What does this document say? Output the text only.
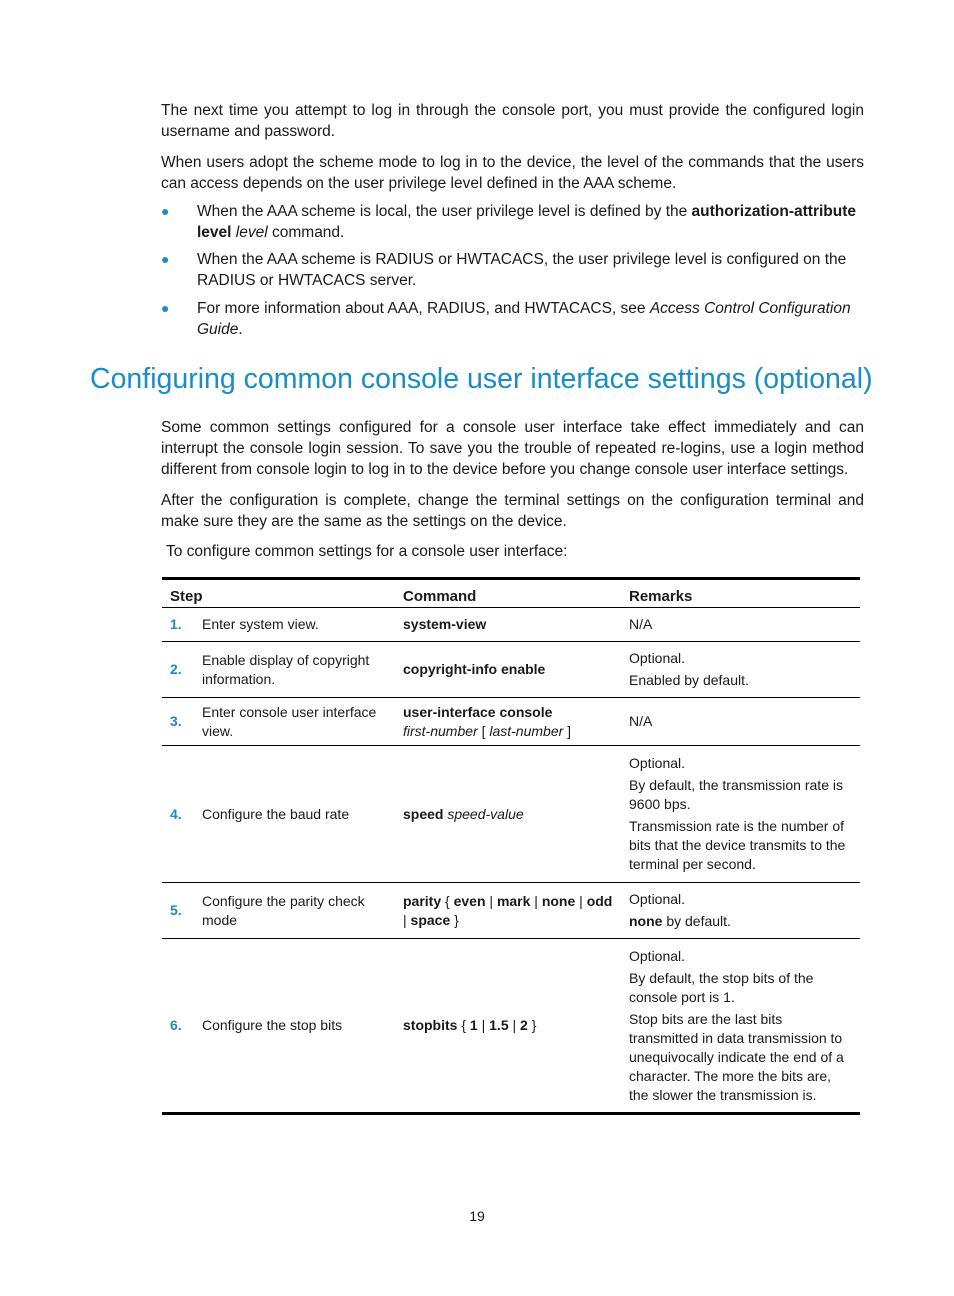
The next time you attempt to log in through the console port, you must provide the configured login username and password.

When users adopt the scheme mode to log in to the device, the level of the commands that the users can access depends on the user privilege level defined in the AAA scheme.

● When the AAA scheme is local, the user privilege level is defined by the authorization-attribute level level command.
● When the AAA scheme is RADIUS or HWTACACS, the user privilege level is configured on the RADIUS or HWTACACS server.
● For more information about AAA, RADIUS, and HWTACACS, see Access Control Configuration Guide.
Configuring common console user interface settings (optional)

Some common settings configured for a console user interface take effect immediately and can interrupt the console login session. To save you the trouble of repeated re-logins, use a login method different from console login to log in to the device before you change console user interface settings.

After the configuration is complete, change the terminal settings on the configuration terminal and make sure they are the same as the settings on the device.

To configure common settings for a console user interface:

Step		Command	Remarks
1.	Enter system view.	system-view	N/A

2.	Enable display of copyright information.	copyright-info enable	Optional.

Enabled by default.

3.	Enter console user interface view.	user-interface console
first-number [ last-number ]	N/A

4.	Configure the baud rate	speed speed-value	Optional.

By default, the transmission rate is 9600 bps.

Transmission rate is the number of bits that the device transmits to the terminal per second.

5.	Configure the parity check mode	parity { even | mark | none | odd | space }	Optional.

none by default.

6.	Configure the stop bits	stopbits { 1 | 1.5 | 2 }	Optional.

By default, the stop bits of the console port is 1.

Stop bits are the last bits transmitted in data transmission to unequivocally indicate the end of a character. The more the bits are, the slower the transmission is.

19
